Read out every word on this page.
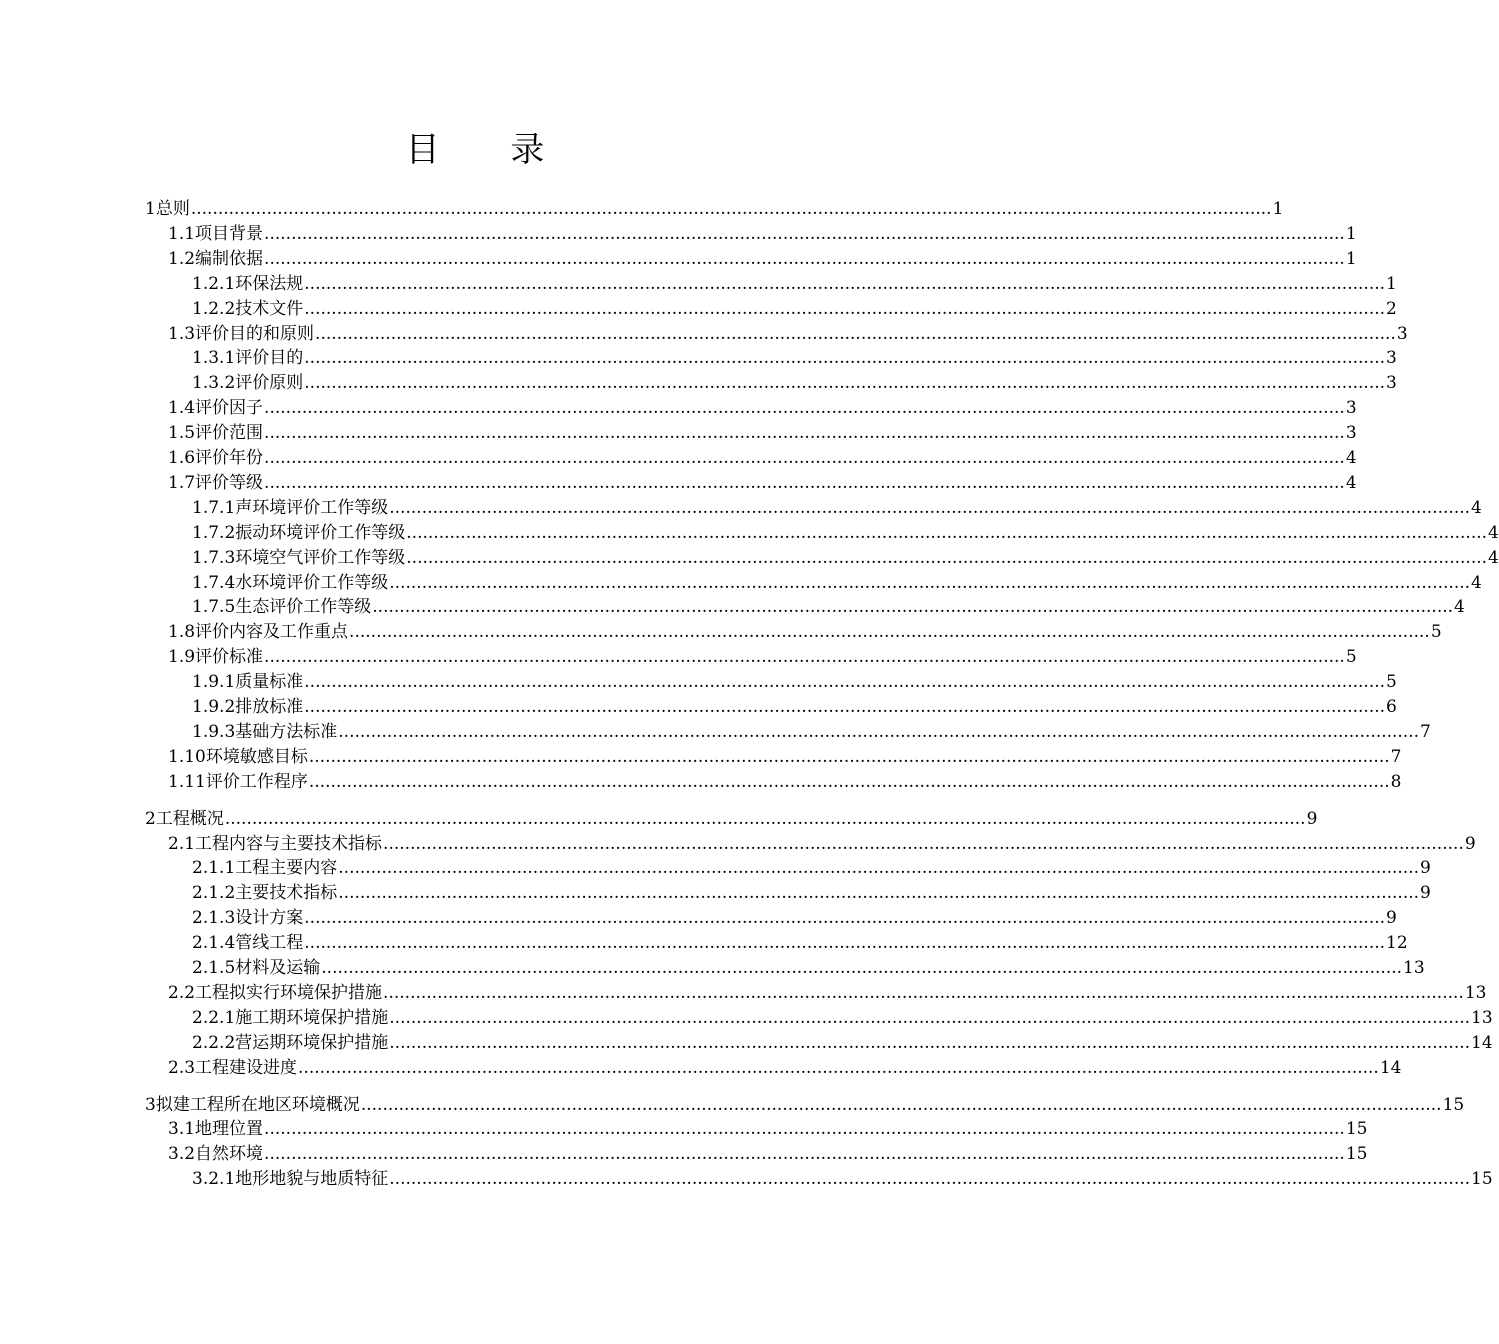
目 录
1 总则 ........................................................................................................................................................................................................ 1
1.1 项目背景 ........................................................................................................................................................................................................ 1
1.2 编制依据 ........................................................................................................................................................................................................ 1
1.2.1 环保法规 ........................................................................................................................................................................................................ 1
1.2.2 技术文件 ........................................................................................................................................................................................................ 2
1.3 评价目的和原则 ........................................................................................................................................................................................................ 3
1.3.1 评价目的 ........................................................................................................................................................................................................ 3
1.3.2 评价原则 ........................................................................................................................................................................................................ 3
1.4 评价因子 ........................................................................................................................................................................................................ 3
1.5 评价范围 ........................................................................................................................................................................................................ 3
1.6 评价年份 ........................................................................................................................................................................................................ 4
1.7 评价等级 ........................................................................................................................................................................................................ 4
1.7.1 声环境评价工作等级 ........................................................................................................................................................................................................ 4
1.7.2 振动环境评价工作等级 ........................................................................................................................................................................................................ 4
1.7.3 环境空气评价工作等级 ........................................................................................................................................................................................................ 4
1.7.4 水环境评价工作等级 ........................................................................................................................................................................................................ 4
1.7.5 生态评价工作等级 ........................................................................................................................................................................................................ 4
1.8 评价内容及工作重点 ........................................................................................................................................................................................................ 5
1.9 评价标准 ........................................................................................................................................................................................................ 5
1.9.1 质量标准 ........................................................................................................................................................................................................ 5
1.9.2 排放标准 ........................................................................................................................................................................................................ 6
1.9.3 基础方法标准 ........................................................................................................................................................................................................ 7
1.10 环境敏感目标 ........................................................................................................................................................................................................ 7
1.11 评价工作程序 ........................................................................................................................................................................................................ 8
2 工程概况 ........................................................................................................................................................................................................ 9
2.1 工程内容与主要技术指标 ........................................................................................................................................................................................................ 9
2.1.1 工程主要内容 ........................................................................................................................................................................................................ 9
2.1.2 主要技术指标 ........................................................................................................................................................................................................ 9
2.1.3 设计方案 ........................................................................................................................................................................................................ 9
2.1.4 管线工程 ........................................................................................................................................................................................................ 12
2.1.5 材料及运输 ........................................................................................................................................................................................................ 13
2.2 工程拟实行环境保护措施 ........................................................................................................................................................................................................ 13
2.2.1 施工期环境保护措施 ........................................................................................................................................................................................................ 13
2.2.2 营运期环境保护措施 ........................................................................................................................................................................................................ 14
2.3 工程建设进度 ........................................................................................................................................................................................................ 14
3 拟建工程所在地区环境概况 ........................................................................................................................................................................................................ 15
3.1 地理位置 ........................................................................................................................................................................................................ 15
3.2 自然环境 ........................................................................................................................................................................................................ 15
3.2.1 地形地貌与地质特征 ........................................................................................................................................................................................................ 15
